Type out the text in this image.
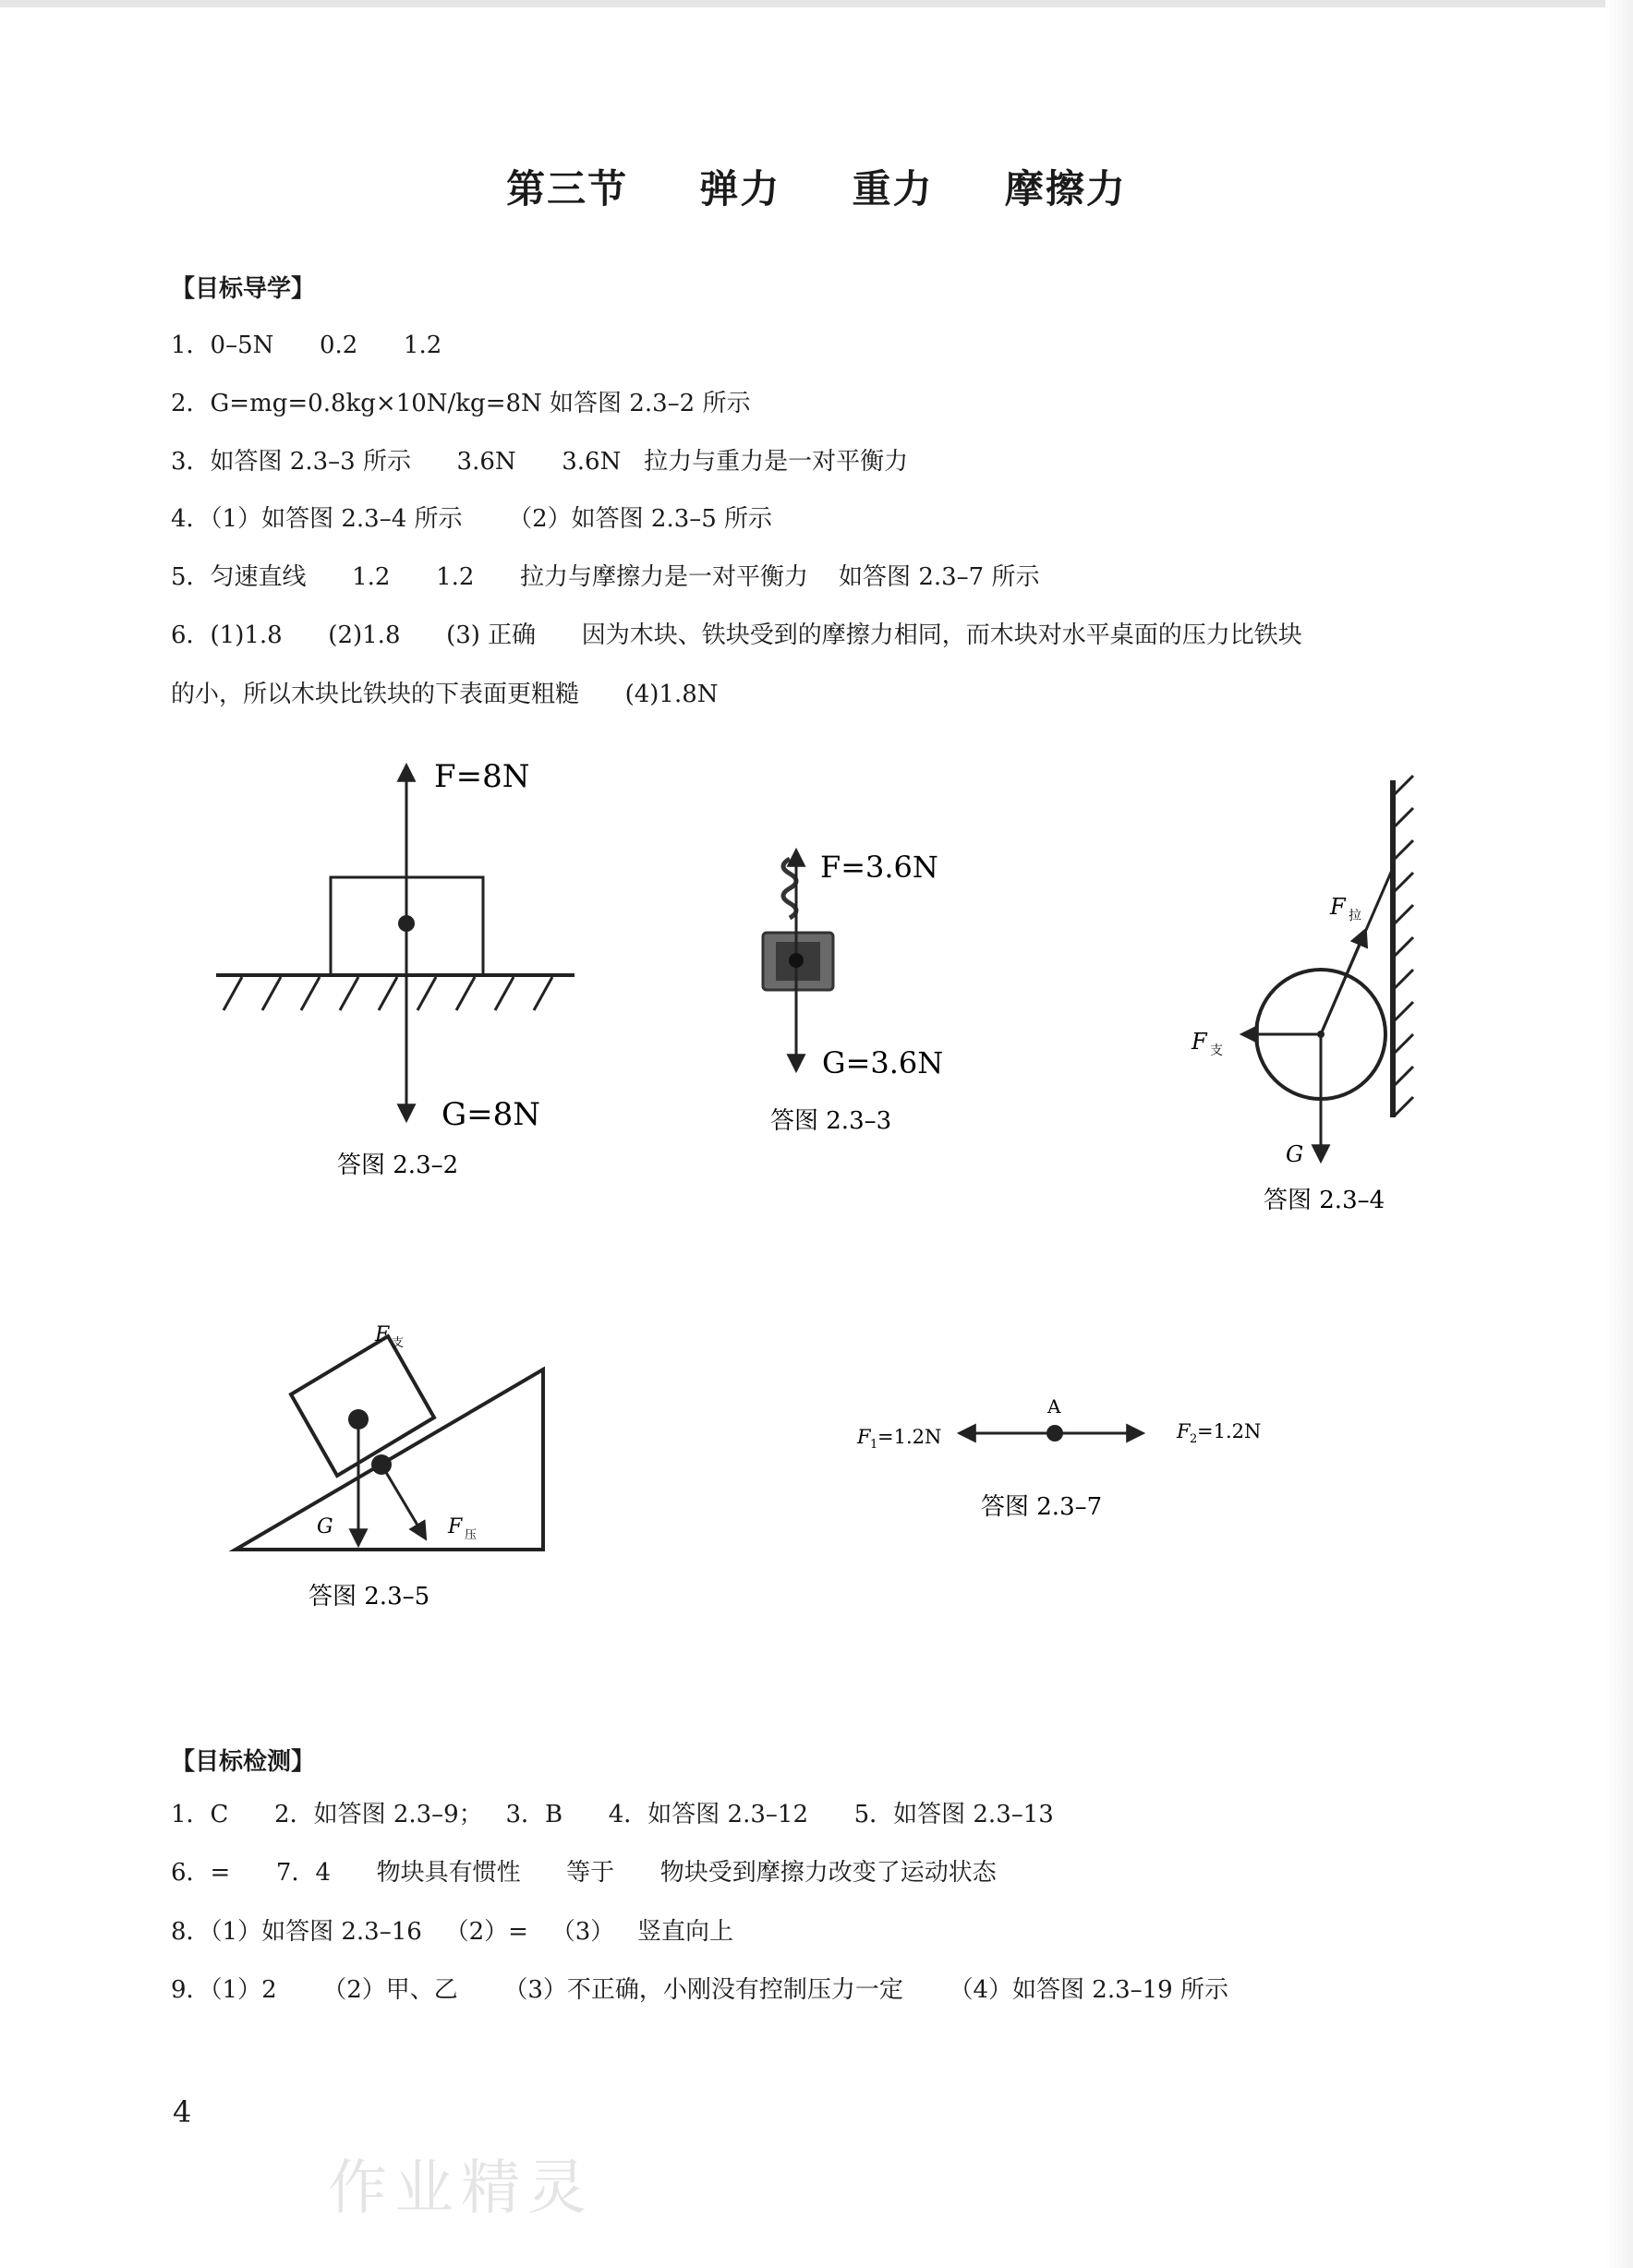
第三节  弹力  重力  摩擦力
【目标导学】
1．0–5N      0.2      1.2
2．G=mg=0.8kg×10N/kg=8N 如答图 2.3–2 所示
3．如答图 2.3–3 所示      3.6N      3.6N   拉力与重力是一对平衡力
4．（1）如答图 2.3–4 所示      （2）如答图 2.3–5 所示
5．匀速直线      1.2      1.2      拉力与摩擦力是一对平衡力    如答图 2.3–7 所示
6．(1)1.8      (2)1.8      (3) 正确      因为木块、铁块受到的摩擦力相同，而木块对水平桌面的压力比铁块
的小，所以木块比铁块的下表面更粗糙      (4)1.8N
F=8N
G=8N
答图 2.3–2
F=3.6N
G=3.6N
答图 2.3–3
F 拉
F 支
G
答图 2.3–4
F 支
G	F 压
答图 2.3–5
A
F 1 =1.2N	F 2 =1.2N
答图 2.3–7
【目标检测】
1．C      2．如答图 2.3–9；   3．B      4．如答图 2.3–12      5．如答图 2.3–13
6．=      7．4      物块具有惯性      等于      物块受到摩擦力改变了运动状态
8．（1）如答图 2.3–16   （2）=   （3）   竖直向上
9．（1）2      （2）甲、乙      （3）不正确，小刚没有控制压力一定      （4）如答图 2.3–19 所示
4
作业精灵
